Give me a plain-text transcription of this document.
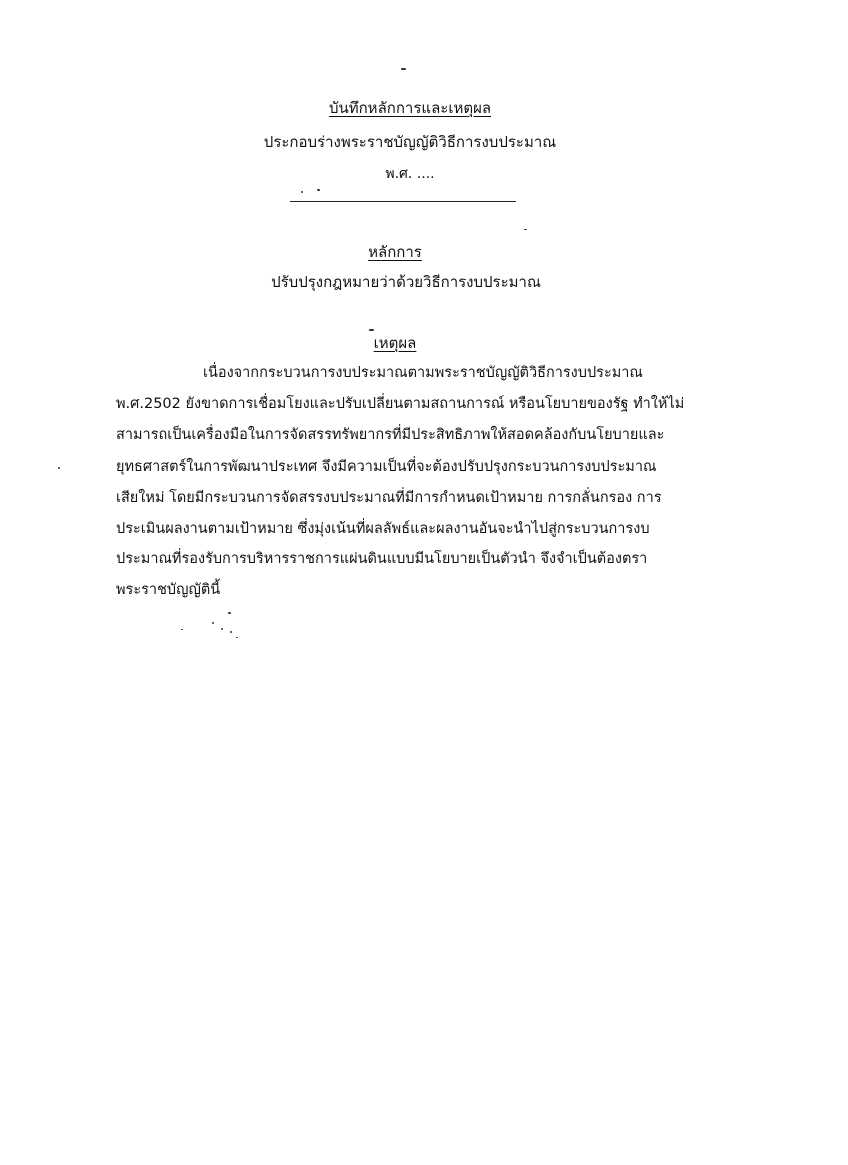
บันทึกหลักการและเหตุผล
ประกอบร่างพระราชบัญญัติวิธีการงบประมาณ
พ.ศ. ....
หลักการ
ปรับปรุงกฎหมายว่าด้วยวิธีการงบประมาณ
เหตุผล
เนื่องจากกระบวนการงบประมาณตามพระราชบัญญัติวิธีการงบประมาณ
พ.ศ.2502 ยังขาดการเชื่อมโยงและปรับเปลี่ยนตามสถานการณ์ หรือนโยบายของรัฐ ทำให้ไม่
สามารถเป็นเครื่องมือในการจัดสรรทรัพยากรที่มีประสิทธิภาพให้สอดคล้องกับนโยบายและ
ยุทธศาสตร์ในการพัฒนาประเทศ จึงมีความเป็นที่จะต้องปรับปรุงกระบวนการงบประมาณ
เสียใหม่ โดยมีกระบวนการจัดสรรงบประมาณที่มีการกำหนดเป้าหมาย การกลั่นกรอง การ
ประเมินผลงานตามเป้าหมาย ซึ่งมุ่งเน้นที่ผลลัพธ์และผลงานอันจะนำไปสู่กระบวนการงบ
ประมาณที่รองรับการบริหารราชการแผ่นดินแบบมีนโยบายเป็นตัวนำ จึงจำเป็นต้องตรา
พระราชบัญญัตินี้
